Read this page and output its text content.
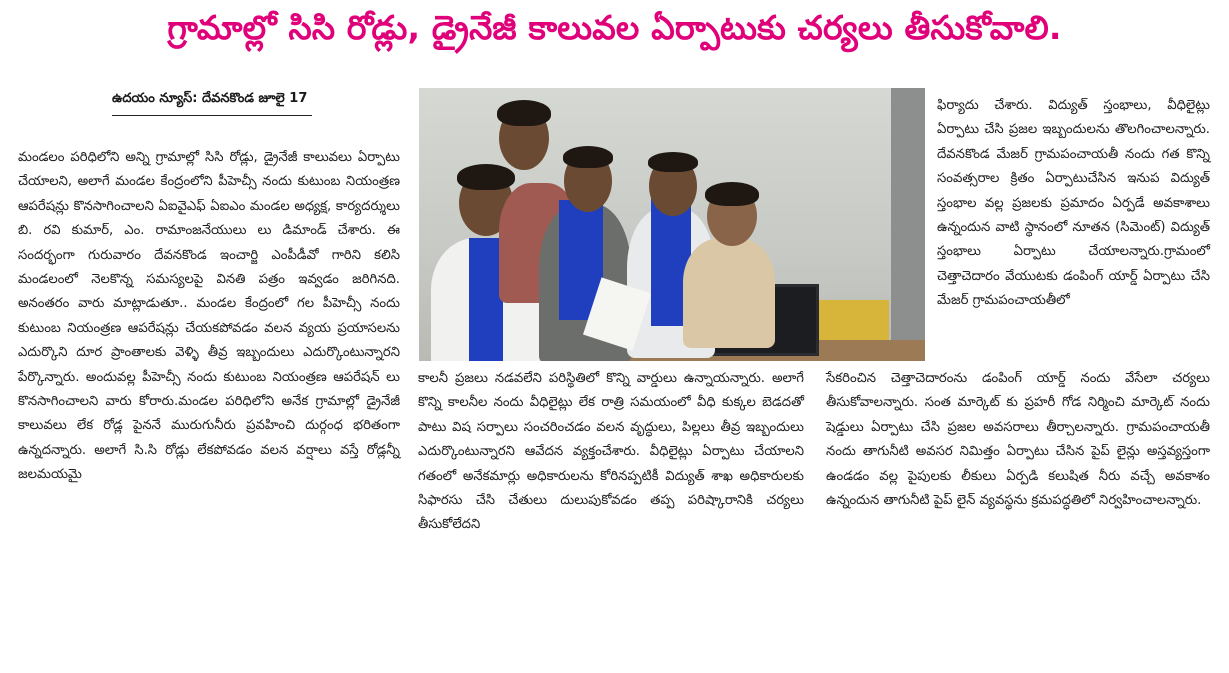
గ్రామాల్లో సిసి రోడ్లు, డ్రైనేజీ కాలువల ఏర్పాటుకు చర్యలు తీసుకోవాలి.
ఉదయం న్యూస్: దేవనకొండ జూలై 17
మండలం పరిధిలోని అన్ని గ్రామాల్లో సిసి రోడ్లు, డ్రైనేజీ కాలువలు ఏర్పాటు చేయాలని, అలాగే మండల కేంద్రంలోని పీహెచ్సీ నందు కుటుంబ నియంత్రణ ఆపరేషన్లు కొనసాగించాలని ఏఐవైఎఫ్ ఏఐఎం మండల అధ్యక్ష, కార్యదర్శులు బి. రవి కుమార్, ఎం. రామాంజనేయులు లు డిమాండ్ చేశారు. ఈ సందర్భంగా గురువారం దేవనకొండ ఇంచార్జి ఎంపీడీవో గారిని కలిసి మండలంలో నెలకొన్న సమస్యలపై వినతి పత్రం ఇవ్వడం జరిగినది. అనంతరం వారు మాట్లాడుతూ.. మండల కేంద్రంలో గల పీహెచ్సీ నందు కుటుంబ నియంత్రణ ఆపరేషన్లు చేయకపోవడం వలన వ్యయ ప్రయాసలను ఎదుర్కొని దూర ప్రాంతాలకు వెళ్ళి తీవ్ర ఇబ్బందులు ఎదుర్కొంటున్నారని పేర్కొన్నారు. అందువల్ల పీహెచ్సీ నందు కుటుంబ నియంత్రణ ఆపరేషన్ లు కొనసాగించాలని వారు కోరారు.మండల పరిధిలోని అనేక గ్రామాల్లో డ్రైనేజీ కాలువలు లేక రోడ్ల పైననే మురుగునీరు ప్రవహించి దుర్గంధ భరితంగా ఉన్నదన్నారు. అలాగే సి.సి రోడ్లు లేకపోవడం వలన వర్షాలు వస్తే రోడ్లన్నీ జలమయమై
ఫిర్యాదు చేశారు. విద్యుత్ స్తంభాలు, వీధిలైట్లు ఏర్పాటు చేసి ప్రజల ఇబ్బందులను తొలగించాలన్నారు. దేవనకొండ మేజర్ గ్రామపంచాయతీ నందు గత కొన్ని సంవత్సరాల క్రితం ఏర్పాటుచేసిన ఇనుప విద్యుత్ స్తంభాల వల్ల ప్రజలకు ప్రమాదం ఏర్పడే అవకాశాలు ఉన్నందున వాటి స్థానంలో నూతన (సిమెంట్) విద్యుత్ స్తంభాలు ఏర్పాటు చేయాలన్నారు.గ్రామంలో చెత్తాచెదారం వేయుటకు డంపింగ్ యార్డ్ ఏర్పాటు చేసి మేజర్ గ్రామపంచాయతీలో
కాలనీ ప్రజలు నడవలేని పరిస్థితిలో కొన్ని వార్డులు ఉన్నాయన్నారు. అలాగే కొన్ని కాలనీల నందు వీధిలైట్లు లేక రాత్రి సమయంలో వీధి కుక్కల బెడదతో పాటు విష సర్పాలు సంచరించడం వలన వృద్ధులు, పిల్లలు తీవ్ర ఇబ్బందులు ఎదుర్కొంటున్నారని ఆవేదన వ్యక్తంచేశారు. వీధిలైట్లు ఏర్పాటు చేయాలని గతంలో అనేకమార్లు అధికారులను కోరినప్పటికీ విద్యుత్ శాఖ అధికారులకు సిఫారసు చేసి చేతులు దులుపుకోవడం తప్ప పరిష్కారానికి చర్యలు తీసుకోలేదని
సేకరించిన చెత్తాచెదారంను డంపింగ్ యార్డ్ నందు వేసేలా చర్యలు తీసుకోవాలన్నారు. సంత మార్కెట్ కు ప్రహరీ గోడ నిర్మించి మార్కెట్ నందు షెడ్డులు ఏర్పాటు చేసి ప్రజల అవసరాలు తీర్చాలన్నారు. గ్రామపంచాయతీ నందు తాగునీటి అవసర నిమిత్తం ఏర్పాటు చేసిన పైప్ లైన్లు అస్తవ్యస్తంగా ఉండడం వల్ల పైపులకు లీకులు ఏర్పడి కలుషిత నీరు వచ్చే అవకాశం ఉన్నందున తాగునీటి పైప్ లైన్ వ్యవస్థను క్రమపద్ధతిలో నిర్వహించాలన్నారు.
